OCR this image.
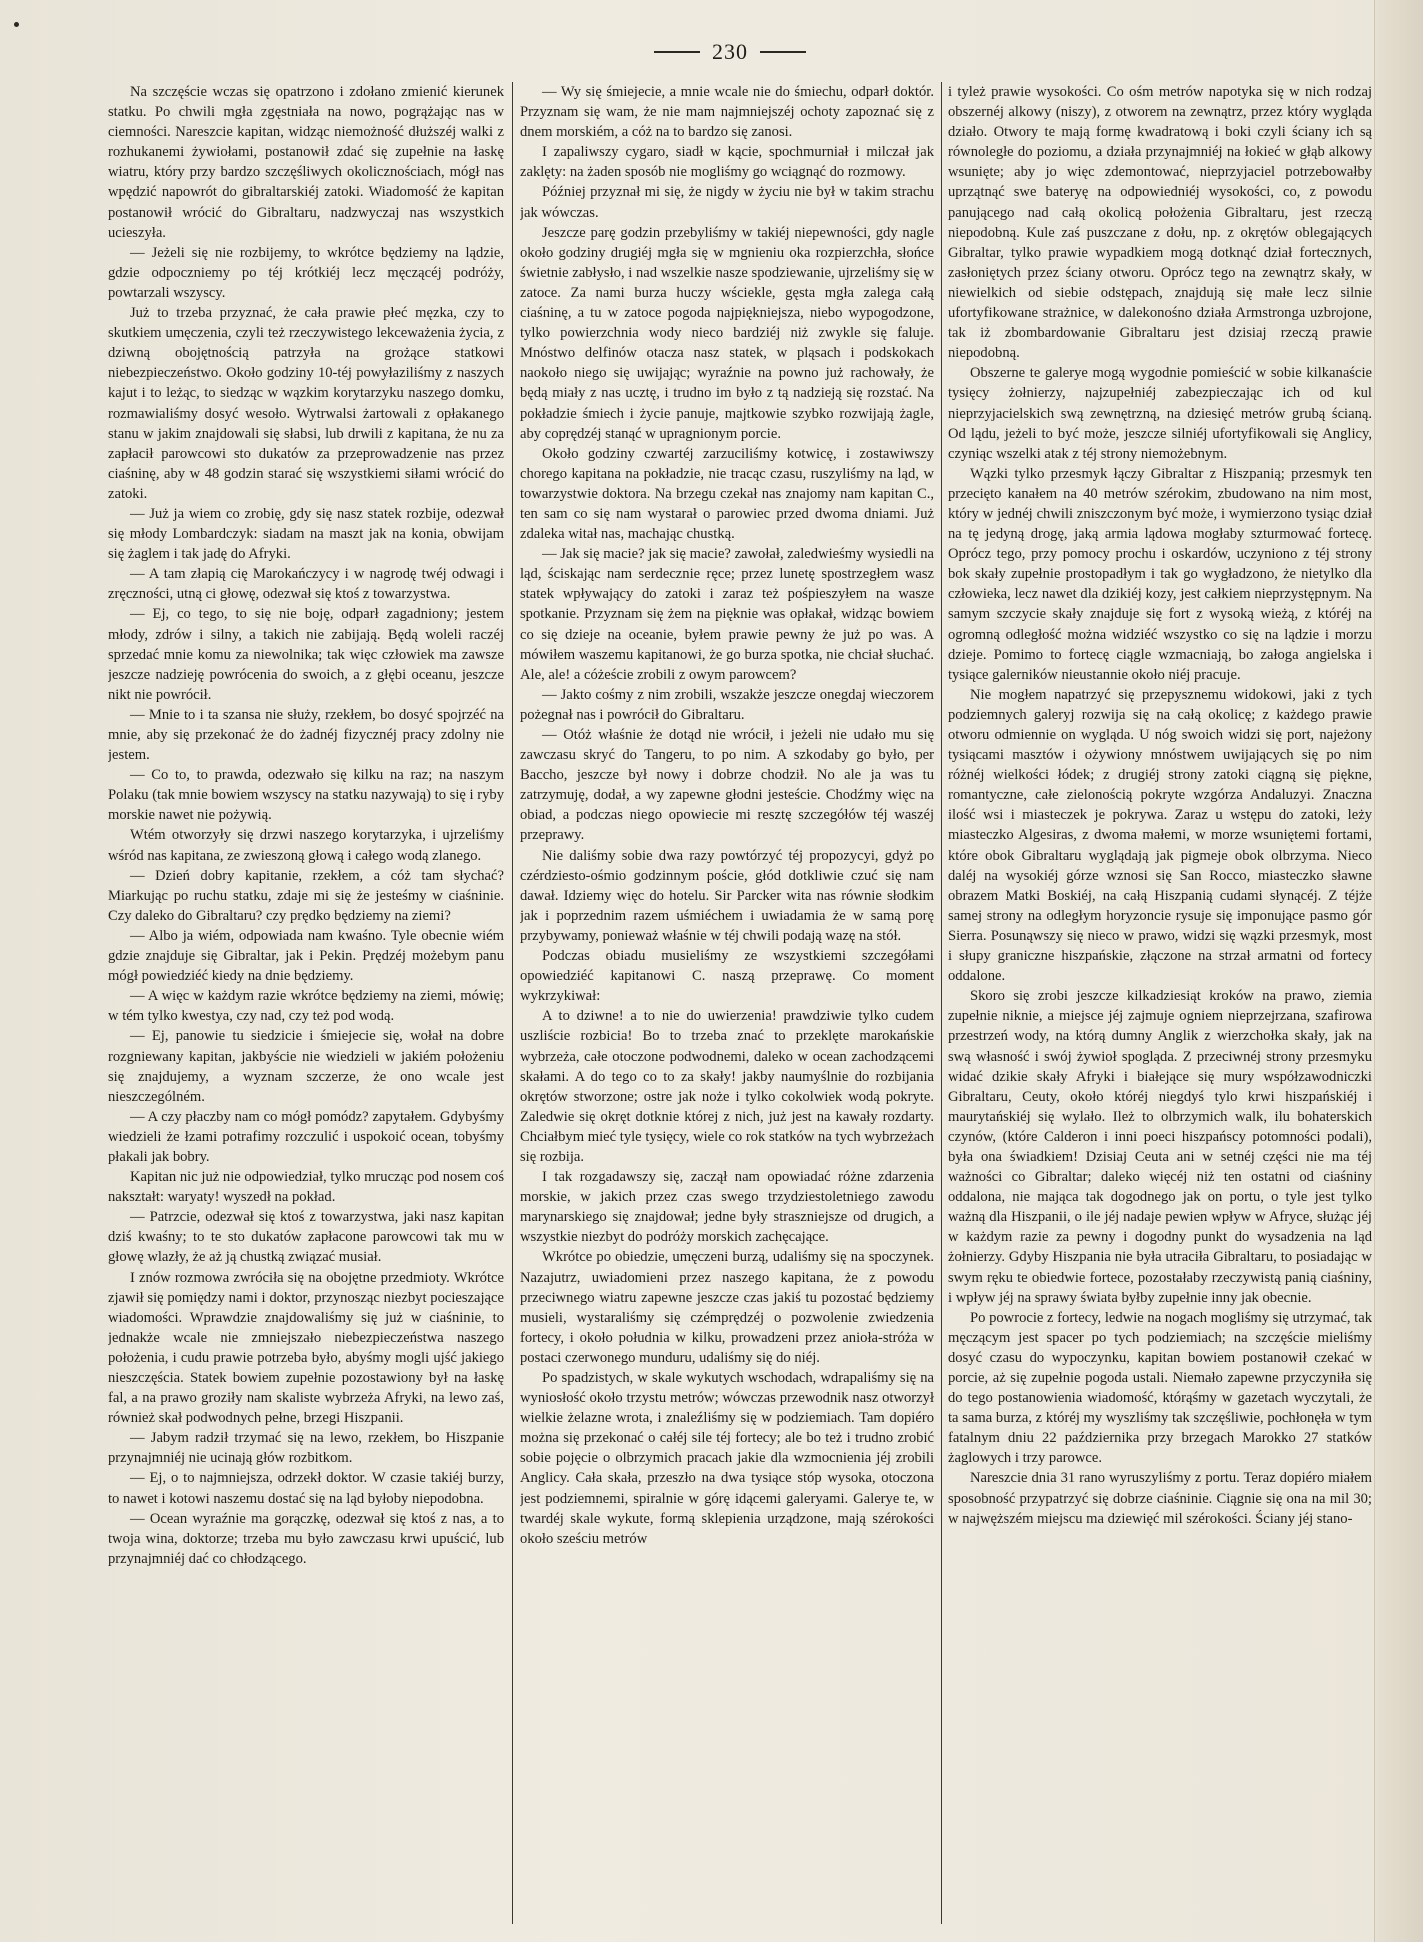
230

Na szczęście wczas się opatrzono i zdołano zmienić kierunek statku. Po chwili mgła zgęstniała na nowo, pogrążając nas w ciemności. Nareszcie kapitan, widząc niemożność dłuższéj walki z rozhukanemi żywiołami, postanowił zdać się zupełnie na łaskę wiatru, który przy bardzo szczęśliwych okolicznościach, mógł nas wpędzić napowrót do gibraltarskiéj zatoki. Wiadomość że kapitan postanowił wrócić do Gibraltaru, nadzwyczaj nas wszystkich ucieszyła.

— Jeżeli się nie rozbijemy, to wkrótce będziemy na lądzie, gdzie odpoczniemy po téj krótkiéj lecz męczącéj podróży, powtarzali wszyscy.

Już to trzeba przyznać, że cała prawie płeć męzka, czy to skutkiem umęczenia, czyli też rzeczywistego lekceważenia życia, z dziwną obojętnością patrzyła na grożące statkowi niebezpieczeństwo. Około godziny 10-téj powyłaziliśmy z naszych kajut i to leżąc, to siedząc w wązkim korytarzyku naszego domku, rozmawialiśmy dosyć wesoło. Wytrwalsi żartowali z opłakanego stanu w jakim znajdowali się słabsi, lub drwili z kapitana, że nu za zapłacił parowcowi sto dukatów za przeprowadzenie nas przez ciaśninę, aby w 48 godzin starać się wszystkiemi siłami wrócić do zatoki.

— Już ja wiem co zrobię, gdy się nasz statek rozbije, odezwał się młody Lombardczyk: siadam na maszt jak na konia, obwijam się żaglem i tak jadę do Afryki.

— A tam złapią cię Marokańczycy i w nagrodę twéj odwagi i zręczności, utną ci głowę, odezwał się ktoś z towarzystwa.

— Ej, co tego, to się nie boję, odparł zagadniony; jestem młody, zdrów i silny, a takich nie zabijają. Będą woleli raczéj sprzedać mnie komu za niewolnika; tak więc człowiek ma zawsze jeszcze nadzieję powrócenia do swoich, a z głębi oceanu, jeszcze nikt nie powrócił.

— Mnie to i ta szansa nie służy, rzekłem, bo dosyć spojrzéć na mnie, aby się przekonać że do żadnéj fizycznéj pracy zdolny nie jestem.

— Co to, to prawda, odezwało się kilku na raz; na naszym Polaku (tak mnie bowiem wszyscy na statku nazywają) to się i ryby morskie nawet nie pożywią.

Wtém otworzyły się drzwi naszego korytarzyka, i ujrzeliśmy wśród nas kapitana, ze zwieszoną głową i całego wodą zlanego.

— Dzień dobry kapitanie, rzekłem, a cóż tam słychać? Miarkując po ruchu statku, zdaje mi się że jesteśmy w ciaśninie. Czy daleko do Gibraltaru? czy prędko będziemy na ziemi?

— Albo ja wiém, odpowiada nam kwaśno. Tyle obecnie wiém gdzie znajduje się Gibraltar, jak i Pekin. Prędzéj możebym panu mógł powiedziéć kiedy na dnie będziemy.

— A więc w każdym razie wkrótce będziemy na ziemi, mówię; w tém tylko kwestya, czy nad, czy też pod wodą.

— Ej, panowie tu siedzicie i śmiejecie się, wołał na dobre rozgniewany kapitan, jakbyście nie wiedzieli w jakiém położeniu się znajdujemy, a wyznam szczerze, że ono wcale jest nieszczególném.

— A czy płaczby nam co mógł pomódz? zapytałem. Gdybyśmy wiedzieli że łzami potrafimy rozczulić i uspokoić ocean, tobyśmy płakali jak bobry.

Kapitan nic już nie odpowiedział, tylko mrucząc pod nosem coś nakształt: waryaty! wyszedł na pokład.

— Patrzcie, odezwał się ktoś z towarzystwa, jaki nasz kapitan dziś kwaśny; to te sto dukatów zapłacone parowcowi tak mu w głowę wlazły, że aż ją chustką związać musiał.

I znów rozmowa zwróciła się na obojętne przedmioty. Wkrótce zjawił się pomiędzy nami i doktor, przynosząc niezbyt pocieszające wiadomości. Wprawdzie znajdowaliśmy się już w ciaśninie, to jednakże wcale nie zmniejszało niebezpieczeństwa naszego położenia, i cudu prawie potrzeba było, abyśmy mogli ujść jakiego nieszczęścia. Statek bowiem zupełnie pozostawiony był na łaskę fal, a na prawo groziły nam skaliste wybrzeża Afryki, na lewo zaś, również skał podwodnych pełne, brzegi Hiszpanii.

— Jabym radził trzymać się na lewo, rzekłem, bo Hiszpanie przynajmniéj nie ucinają głów rozbitkom.

— Ej, o to najmniejsza, odrzekł doktor. W czasie takiéj burzy, to nawet i kotowi naszemu dostać się na ląd byłoby niepodobna.

— Ocean wyraźnie ma gorączkę, odezwał się ktoś z nas, a to twoja wina, doktorze; trzeba mu było zawczasu krwi upuścić, lub przynajmniéj dać co chłodzącego.

— Wy się śmiejecie, a mnie wcale nie do śmiechu, odparł doktór. Przyznam się wam, że nie mam najmniejszéj ochoty zapoznać się z dnem morskiém, a cóż na to bardzo się zanosi.

I zapaliwszy cygaro, siadł w kącie, spochmurniał i milczał jak zaklęty: na żaden sposób nie mogliśmy go wciągnąć do rozmowy.

Później przyznał mi się, że nigdy w życiu nie był w takim strachu jak wówczas.

Jeszcze parę godzin przebyliśmy w takiéj niepewności, gdy nagle około godziny drugiéj mgła się w mgnieniu oka rozpierzchła, słońce świetnie zabłysło, i nad wszelkie nasze spodziewanie, ujrzeliśmy się w zatoce. Za nami burza huczy wściekle, gęsta mgła zalega całą ciaśninę, a tu w zatoce pogoda najpiękniejsza, niebo wypogodzone, tylko powierzchnia wody nieco bardziéj niż zwykle się faluje. Mnóstwo delfinów otacza nasz statek, w pląsach i podskokach naokoło niego się uwijając; wyraźnie na powno już rachowały, że będą miały z nas ucztę, i trudno im było z tą nadzieją się rozstać. Na pokładzie śmiech i życie panuje, majtkowie szybko rozwijają żagle, aby coprędzéj stanąć w upragnionym porcie.

Około godziny czwartéj zarzuciliśmy kotwicę, i zostawiwszy chorego kapitana na pokładzie, nie tracąc czasu, ruszyliśmy na ląd, w towarzystwie doktora. Na brzegu czekał nas znajomy nam kapitan C., ten sam co się nam wystarał o parowiec przed dwoma dniami. Już zdaleka witał nas, machając chustką.

— Jak się macie? jak się macie? zawołał, zaledwieśmy wysiedli na ląd, ściskając nam serdecznie ręce; przez lunetę spostrzegłem wasz statek wpływający do zatoki i zaraz też pośpieszyłem na wasze spotkanie. Przyznam się żem na pięknie was opłakał, widząc bowiem co się dzieje na oceanie, byłem prawie pewny że już po was. A mówiłem waszemu kapitanowi, że go burza spotka, nie chciał słuchać. Ale, ale! a cóżeście zrobili z owym parowcem?

— Jakto cośmy z nim zrobili, wszakże jeszcze onegdaj wieczorem pożegnał nas i powrócił do Gibraltaru.

— Otóż właśnie że dotąd nie wrócił, i jeżeli nie udało mu się zawczasu skryć do Tangeru, to po nim. A szkodaby go było, per Baccho, jeszcze był nowy i dobrze chodził. No ale ja was tu zatrzymuję, dodał, a wy zapewne głodni jesteście. Chodźmy więc na obiad, a podczas niego opowiecie mi resztę szczegółów téj waszéj przeprawy.

Nie daliśmy sobie dwa razy powtórzyć téj propozycyi, gdyż po czérdziesto-ośmio godzinnym poście, głód dotkliwie czuć się nam dawał. Idziemy więc do hotelu. Sir Parcker wita nas równie słodkim jak i poprzednim razem uśmiéchem i uwiadamia że w samą porę przybywamy, ponieważ właśnie w téj chwili podają wazę na stół.

Podczas obiadu musieliśmy ze wszystkiemi szczegółami opowiedziéć kapitanowi C. naszą przeprawę. Co moment wykrzykiwał:

A to dziwne! a to nie do uwierzenia! prawdziwie tylko cudem uszliście rozbicia! Bo to trzeba znać to przeklęte marokańskie wybrzeża, całe otoczone podwodnemi, daleko w ocean zachodzącemi skałami. A do tego co to za skały! jakby naumyślnie do rozbijania okrętów stworzone; ostre jak noże i tylko cokolwiek wodą pokryte. Zaledwie się okręt dotknie której z nich, już jest na kawały rozdarty. Chciałbym mieć tyle tysięcy, wiele co rok statków na tych wybrzeżach się rozbija.

I tak rozgadawszy się, zaczął nam opowiadać różne zdarzenia morskie, w jakich przez czas swego trzydziestoletniego zawodu marynarskiego się znajdował; jedne były straszniejsze od drugich, a wszystkie niezbyt do podróży morskich zachęcające.

Wkrótce po obiedzie, umęczeni burzą, udaliśmy się na spoczynek. Nazajutrz, uwiadomieni przez naszego kapitana, że z powodu przeciwnego wiatru zapewne jeszcze czas jakiś tu pozostać będziemy musieli, wystaraliśmy się czémprędzéj o pozwolenie zwiedzenia fortecy, i około południa w kilku, prowadzeni przez anioła-stróża w postaci czerwonego munduru, udaliśmy się do niéj.

Po spadzistych, w skale wykutych wschodach, wdrapaliśmy się na wyniosłość około trzystu metrów; wówczas przewodnik nasz otworzył wielkie żelazne wrota, i znaleźliśmy się w podziemiach. Tam dopiéro można się przekonać o całéj sile téj fortecy; ale bo też i trudno zrobić sobie pojęcie o olbrzymich pracach jakie dla wzmocnienia jéj zrobili Anglicy. Cała skała, przeszło na dwa tysiące stóp wysoka, otoczona jest podziemnemi, spiralnie w górę idącemi galeryami. Galerye te, w twardéj skale wykute, formą sklepienia urządzone, mają szérokości około sześciu metrów

i tyleż prawie wysokości. Co ośm metrów napotyka się w nich rodzaj obszernéj alkowy (niszy), z otworem na zewnątrz, przez który wygląda działo. Otwory te mają formę kwadratową i boki czyli ściany ich są równoległe do poziomu, a działa przynajmniéj na łokieć w głąb alkowy wsunięte; aby jo więc zdemontować, nieprzyjaciel potrzebowałby uprzątnąć swe bateryę na odpowiedniéj wysokości, co, z powodu panującego nad całą okolicą położenia Gibraltaru, jest rzeczą niepodobną. Kule zaś puszczane z dołu, np. z okrętów oblegających Gibraltar, tylko prawie wypadkiem mogą dotknąć dział fortecznych, zasłoniętych przez ściany otworu. Oprócz tego na zewnątrz skały, w niewielkich od siebie odstępach, znajdują się małe lecz silnie ufortyfikowane strażnice, w dalekonośno działa Armstronga uzbrojone, tak iż zbombardowanie Gibraltaru jest dzisiaj rzeczą prawie niepodobną.

Obszerne te galerye mogą wygodnie pomieścić w sobie kilkanaście tysięcy żołnierzy, najzupełniéj zabezpieczając ich od kul nieprzyjacielskich swą zewnętrzną, na dziesięć metrów grubą ścianą. Od lądu, jeżeli to być może, jeszcze silniéj ufortyfikowali się Anglicy, czyniąc wszelki atak z téj strony niemożebnym.

Wązki tylko przesmyk łączy Gibraltar z Hiszpanią; przesmyk ten przecięto kanałem na 40 metrów szérokim, zbudowano na nim most, który w jednéj chwili zniszczonym być może, i wymierzono tysiąc dział na tę jedyną drogę, jaką armia lądowa mogłaby szturmować fortecę. Oprócz tego, przy pomocy prochu i oskardów, uczyniono z téj strony bok skały zupełnie prostopadłym i tak go wygładzono, że nietylko dla człowieka, lecz nawet dla dzikiéj kozy, jest całkiem nieprzystępnym. Na samym szczycie skały znajduje się fort z wysoką wieżą, z któréj na ogromną odległość można widziéć wszystko co się na lądzie i morzu dzieje. Pomimo to fortecę ciągle wzmacniają, bo załoga angielska i tysiące galerników nieustannie około niéj pracuje.

Nie mogłem napatrzyć się przepysznemu widokowi, jaki z tych podziemnych galeryj rozwija się na całą okolicę; z każdego prawie otworu odmiennie on wygląda. U nóg swoich widzi się port, najeżony tysiącami masztów i ożywiony mnóstwem uwijających się po nim różnéj wielkości łódek; z drugiéj strony zatoki ciągną się piękne, romantyczne, całe zielonością pokryte wzgórza Andaluzyi. Znaczna ilość wsi i miasteczek je pokrywa. Zaraz u wstępu do zatoki, leży miasteczko Algesiras, z dwoma małemi, w morze wsuniętemi fortami, które obok Gibraltaru wyglądają jak pigmeje obok olbrzyma. Nieco daléj na wysokiéj górze wznosi się San Rocco, miasteczko sławne obrazem Matki Boskiéj, na całą Hiszpanią cudami słynącéj. Z téjże samej strony na odległym horyzoncie rysuje się imponujące pasmo gór Sierra. Posunąwszy się nieco w prawo, widzi się wązki przesmyk, most i słupy graniczne hiszpańskie, złączone na strzał armatni od fortecy oddalone.

Skoro się zrobi jeszcze kilkadziesiąt kroków na prawo, ziemia zupełnie niknie, a miejsce jéj zajmuje ogniem nieprzejrzana, szafirowa przestrzeń wody, na którą dumny Anglik z wierzchołka skały, jak na swą własność i swój żywioł spogląda. Z przeciwnéj strony przesmyku widać dzikie skały Afryki i białejące się mury współzawodniczki Gibraltaru, Ceuty, około któréj niegdyś tylo krwi hiszpańskiéj i maurytańskiéj się wylało. Ileż to olbrzymich walk, ilu bohaterskich czynów, (które Calderon i inni poeci hiszpańscy potomności podali), była ona świadkiem! Dzisiaj Ceuta ani w setnéj części nie ma téj ważności co Gibraltar; daleko więcéj niż ten ostatni od ciaśniny oddalona, nie mająca tak dogodnego jak on portu, o tyle jest tylko ważną dla Hiszpanii, o ile jéj nadaje pewien wpływ w Afryce, służąc jéj w każdym razie za pewny i dogodny punkt do wysadzenia na ląd żołnierzy. Gdyby Hiszpania nie była utraciła Gibraltaru, to posiadając w swym ręku te obiedwie fortece, pozostałaby rzeczywistą panią ciaśniny, i wpływ jéj na sprawy świata byłby zupełnie inny jak obecnie.

Po powrocie z fortecy, ledwie na nogach mogliśmy się utrzymać, tak męczącym jest spacer po tych podziemiach; na szczęście mieliśmy dosyć czasu do wypoczynku, kapitan bowiem postanowił czekać w porcie, aż się zupełnie pogoda ustali. Niemało zapewne przyczyniła się do tego postanowienia wiadomość, którąśmy w gazetach wyczytali, że ta sama burza, z któréj my wyszliśmy tak szczęśliwie, pochłonęła w tym fatalnym dniu 22 października przy brzegach Marokko 27 statków żaglowych i trzy parowce.

Nareszcie dnia 31 rano wyruszyliśmy z portu. Teraz dopiéro miałem sposobność przypatrzyć się dobrze ciaśninie. Ciągnie się ona na mil 30; w najwęższém miejscu ma dziewięć mil szérokości. Ściany jéj stano-
